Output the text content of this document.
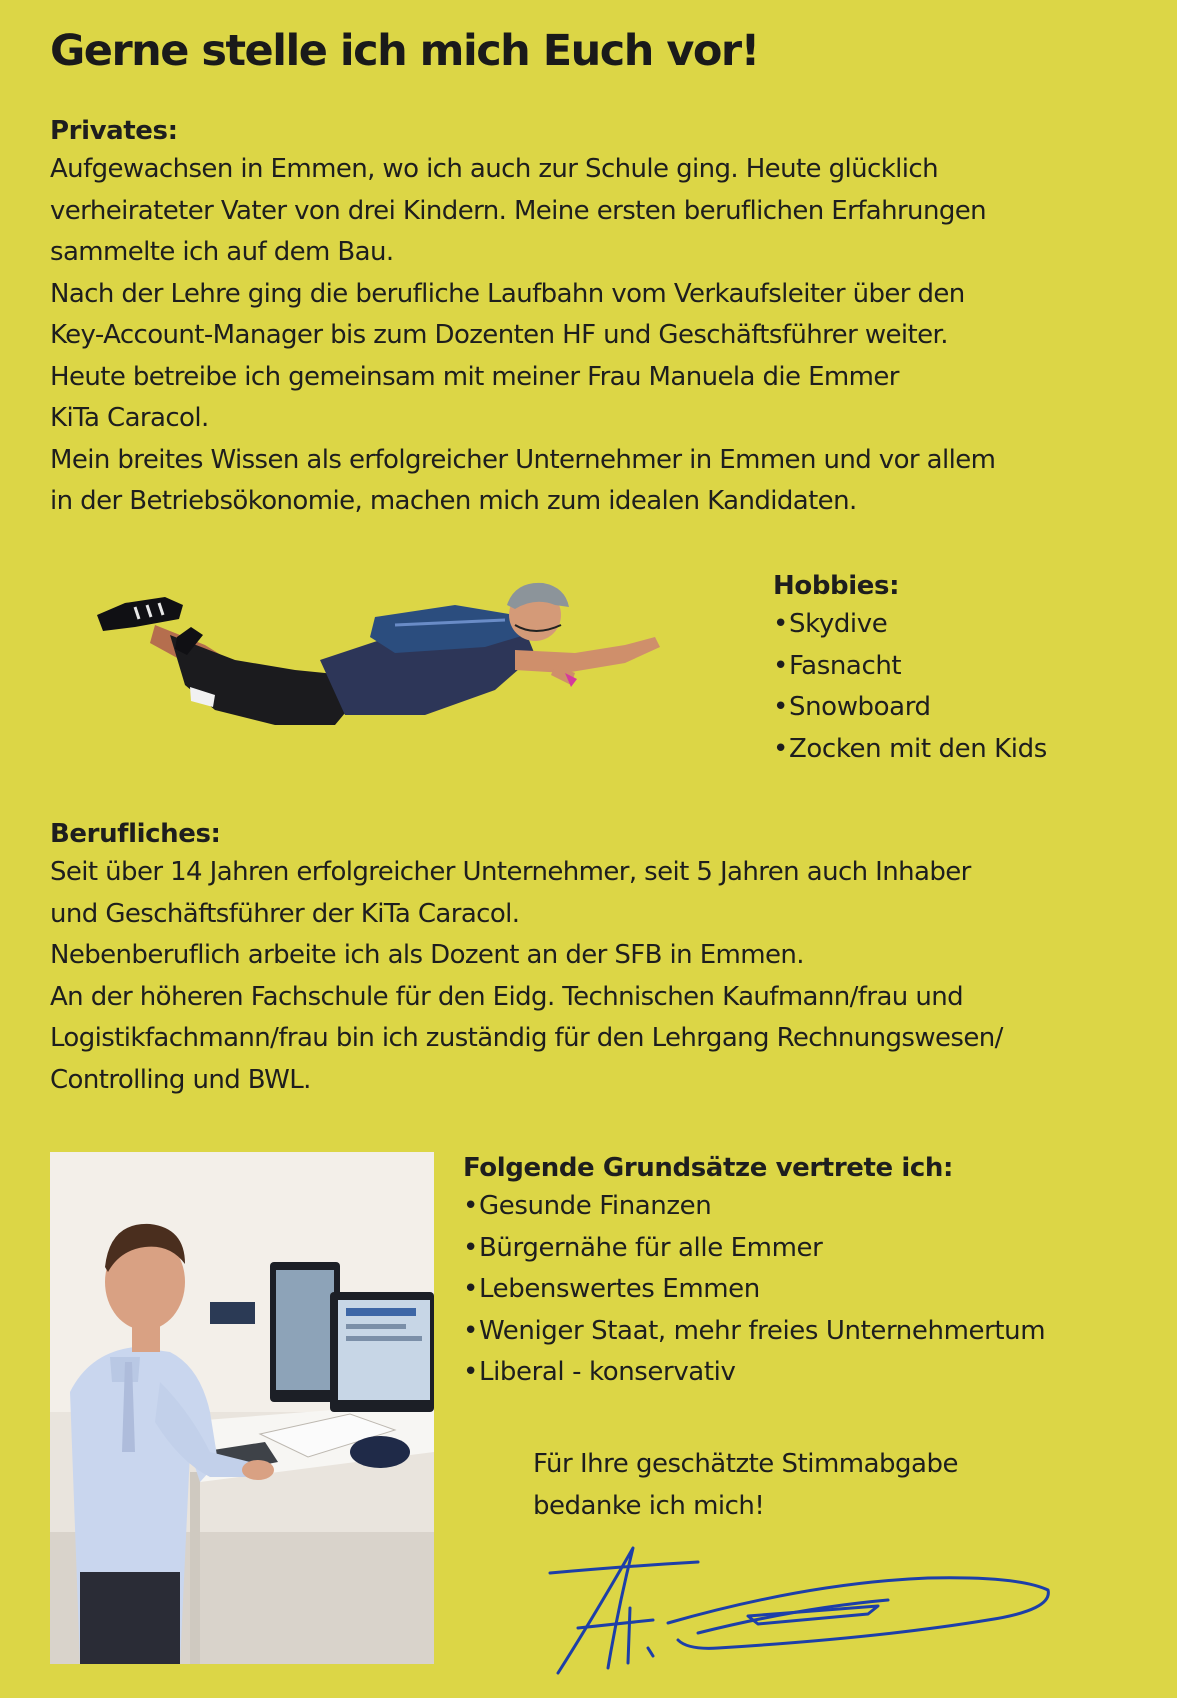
Gerne stelle ich mich Euch vor!
Privates:
Aufgewachsen in Emmen, wo ich auch zur Schule ging. Heute glücklich
verheirateter Vater von drei Kindern. Meine ersten beruflichen Erfahrungen
sammelte ich auf dem Bau.
Nach der Lehre ging die berufliche Laufbahn vom Verkaufsleiter über den
Key-Account-Manager bis zum Dozenten HF und Geschäftsführer weiter.
Heute betreibe ich gemeinsam mit meiner Frau Manuela die Emmer
KiTa Caracol.
Mein breites Wissen als erfolgreicher Unternehmer in Emmen und vor allem
in der Betriebsökonomie, machen mich zum idealen Kandidaten.
Hobbies:
•Skydive
•Fasnacht
•Snowboard
•Zocken mit den Kids
Berufliches:
Seit über 14 Jahren erfolgreicher Unternehmer, seit 5 Jahren auch Inhaber
und Geschäftsführer der KiTa Caracol.
Nebenberuflich arbeite ich als Dozent an der SFB in Emmen.
An der höheren Fachschule für den Eidg. Technischen Kaufmann/frau und
Logistikfachmann/frau bin ich zuständig für den Lehrgang Rechnungswesen/
Controlling und BWL.
Folgende Grundsätze vertrete ich:
•Gesunde Finanzen
•Bürgernähe für alle Emmer
•Lebenswertes Emmen
•Weniger Staat, mehr freies Unternehmertum
•Liberal - konservativ
Für Ihre geschätzte Stimmabgabe
bedanke ich mich!
